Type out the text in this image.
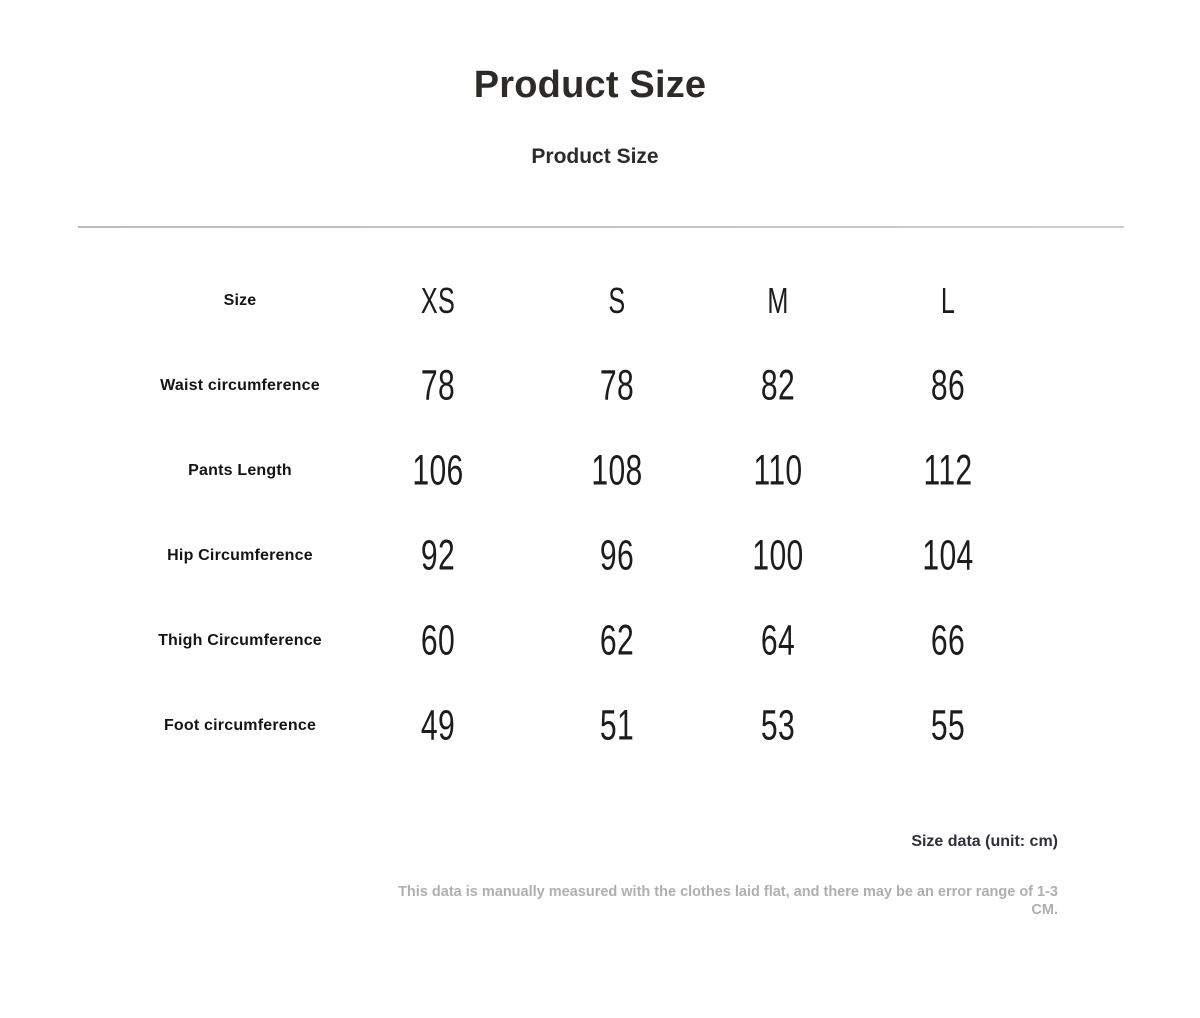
Product Size
Product Size
Size	XS	S	M	L
Waist circumference 78	78	82	86
Pants Length	106	108	110	112
Hip Circumference	92	96	100	104
Thigh Circumference 60	62	64	66
Foot circumference 49	51	53	55
Size data (unit: cm)
This data is manually measured with the clothes laid flat, and there may be an error range of 1-3
CM.
